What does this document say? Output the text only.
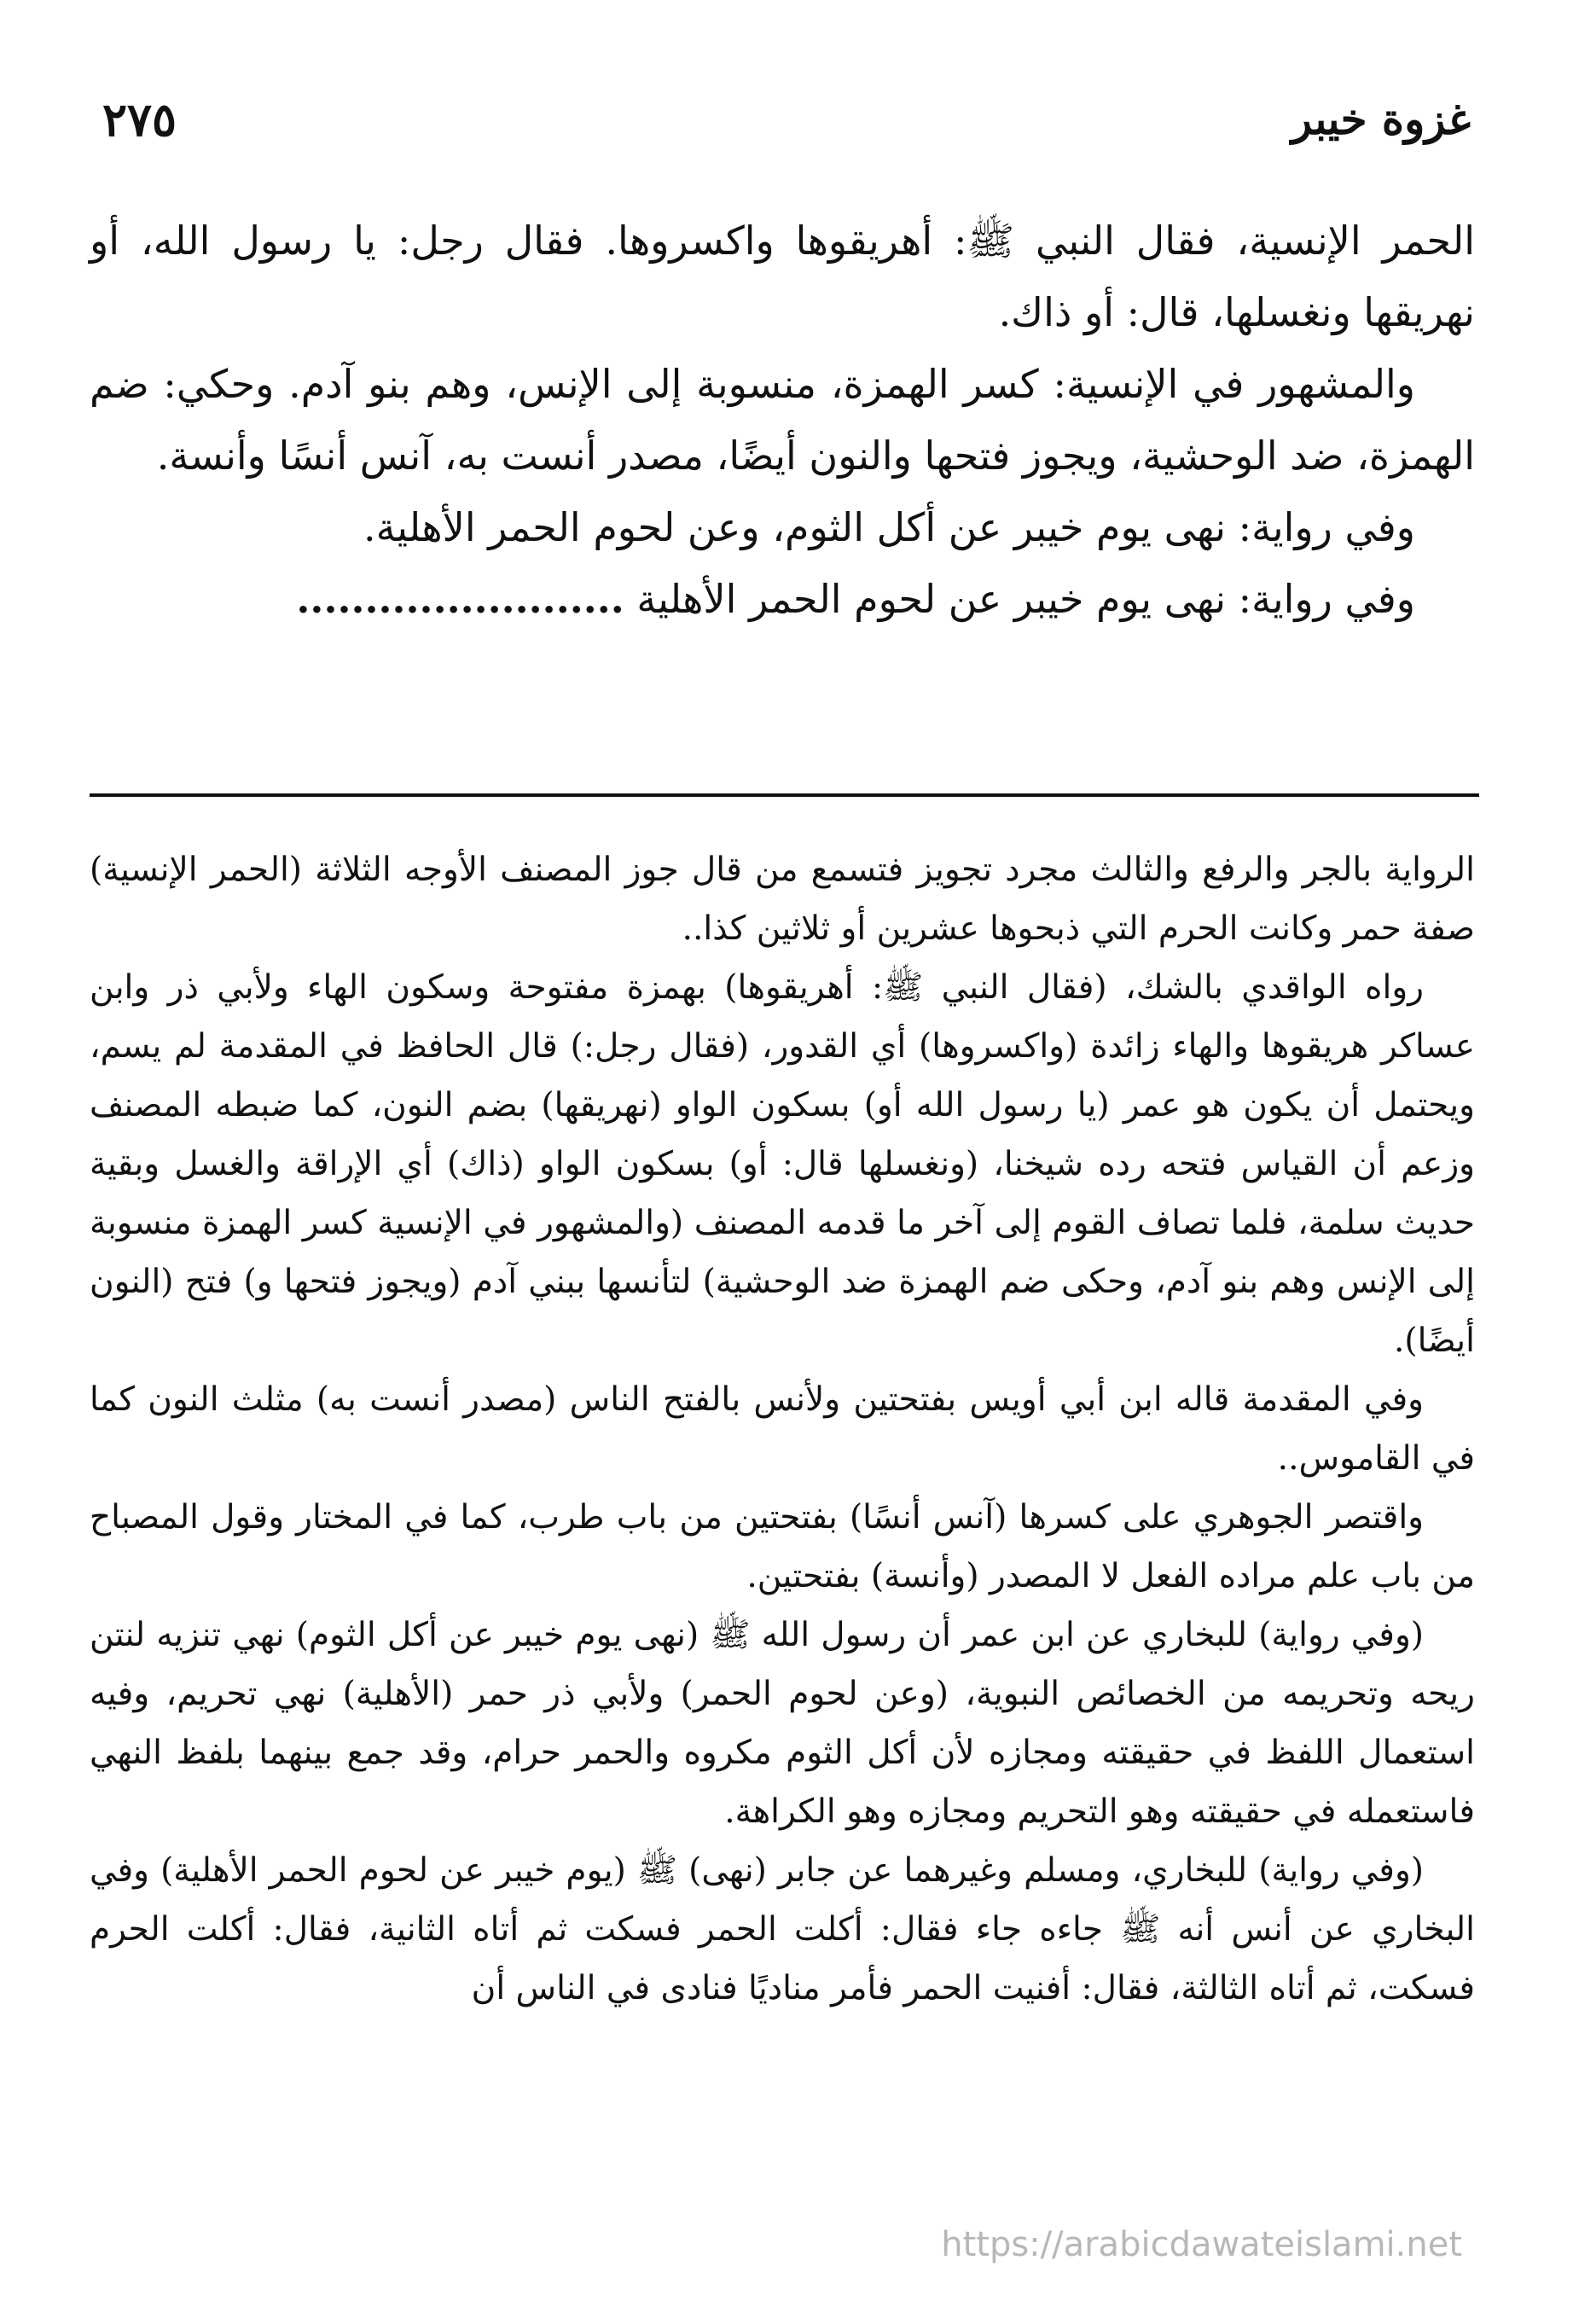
غزوة خيبر
٢٧٥

الحمر الإنسية، فقال النبي ﷺ: أهريقوها واكسروها. فقال رجل: يا رسول الله، أو نهريقها ونغسلها، قال: أو ذاك.

والمشهور في الإنسية: كسر الهمزة، منسوبة إلى الإنس، وهم بنو آدم. وحكي: ضم الهمزة، ضد الوحشية، ويجوز فتحها والنون أيضًا، مصدر أنست به، آنس أنسًا وأنسة.

وفي رواية: نهى يوم خيبر عن أكل الثوم، وعن لحوم الحمر الأهلية.

وفي رواية: نهى يوم خيبر عن لحوم الحمر الأهلية ........................

الرواية بالجر والرفع والثالث مجرد تجويز فتسمع من قال جوز المصنف الأوجه الثلاثة (الحمر الإنسية) صفة حمر وكانت الحرم التي ذبحوها عشرين أو ثلاثين كذا..

رواه الواقدي بالشك، (فقال النبي ﷺ: أهريقوها) بهمزة مفتوحة وسكون الهاء ولأبي ذر وابن عساكر هريقوها والهاء زائدة (واكسروها) أي القدور، (فقال رجل:) قال الحافظ في المقدمة لم يسم، ويحتمل أن يكون هو عمر (يا رسول الله أو) بسكون الواو (نهريقها) بضم النون، كما ضبطه المصنف وزعم أن القياس فتحه رده شيخنا، (ونغسلها قال: أو) بسكون الواو (ذاك) أي الإراقة والغسل وبقية حديث سلمة، فلما تصاف القوم إلى آخر ما قدمه المصنف (والمشهور في الإنسية كسر الهمزة منسوبة إلى الإنس وهم بنو آدم، وحكى ضم الهمزة ضد الوحشية) لتأنسها ببني آدم (ويجوز فتحها و) فتح (النون أيضًا).

وفي المقدمة قاله ابن أبي أويس بفتحتين ولأنس بالفتح الناس (مصدر أنست به) مثلث النون كما في القاموس..

واقتصر الجوهري على كسرها (آنس أنسًا) بفتحتين من باب طرب، كما في المختار وقول المصباح من باب علم مراده الفعل لا المصدر (وأنسة) بفتحتين.

(وفي رواية) للبخاري عن ابن عمر أن رسول الله ﷺ (نهى يوم خيبر عن أكل الثوم) نهي تنزيه لنتن ريحه وتحريمه من الخصائص النبوية، (وعن لحوم الحمر) ولأبي ذر حمر (الأهلية) نهي تحريم، وفيه استعمال اللفظ في حقيقته ومجازه لأن أكل الثوم مكروه والحمر حرام، وقد جمع بينهما بلفظ النهي فاستعمله في حقيقته وهو التحريم ومجازه وهو الكراهة.

(وفي رواية) للبخاري، ومسلم وغيرهما عن جابر (نهى) ﷺ (يوم خيبر عن لحوم الحمر الأهلية) وفي البخاري عن أنس أنه ﷺ جاءه جاء فقال: أكلت الحمر فسكت ثم أتاه الثانية، فقال: أكلت الحرم فسكت، ثم أتاه الثالثة، فقال: أفنيت الحمر فأمر مناديًا فنادى في الناس أن

https://arabicdawateislami.net
